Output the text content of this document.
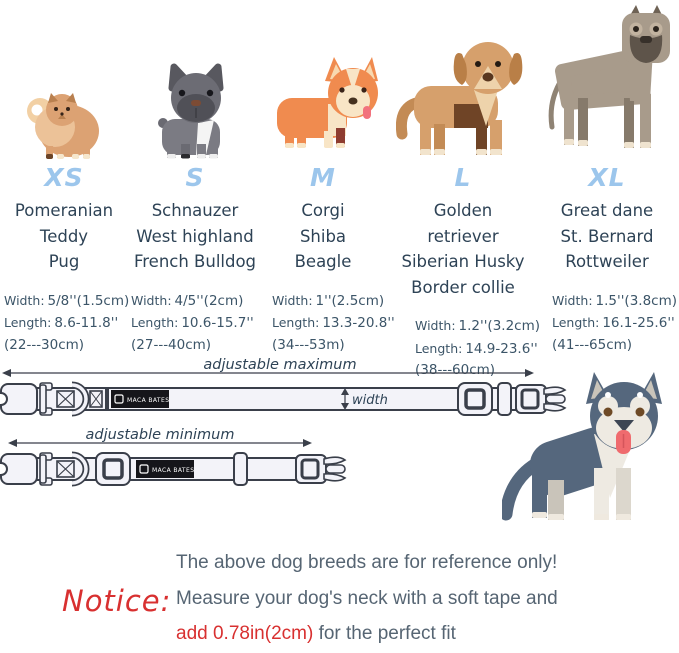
XS
Pomeranian
Teddy
Pug
Width: 5/8''(1.5cm)
Length: 8.6-11.8''
(22---30cm)
S
Schnauzer
West highland
French Bulldog
Width: 4/5''(2cm)
Length: 10.6-15.7''
(27---40cm)
M
Corgi
Shiba
Beagle
Width: 1''(2.5cm)
Length: 13.3-20.8''
(34---53m)
L
Golden retriever
Siberian Husky
Border collie
Width: 1.2''(3.2cm)
Length: 14.9-23.6''
(38---60cm)
XL
Great dane
St. Bernard
Rottweiler
Width: 1.5''(3.8cm)
Length: 16.1-25.6''
(41---65cm)
adjustable maximum
MACA BATES	width
adjustable minimum
MACA BATES
Notice:
The above dog breeds are for reference only!
Measure your dog's neck with a soft tape and
add 0.78in(2cm) for the perfect fit
